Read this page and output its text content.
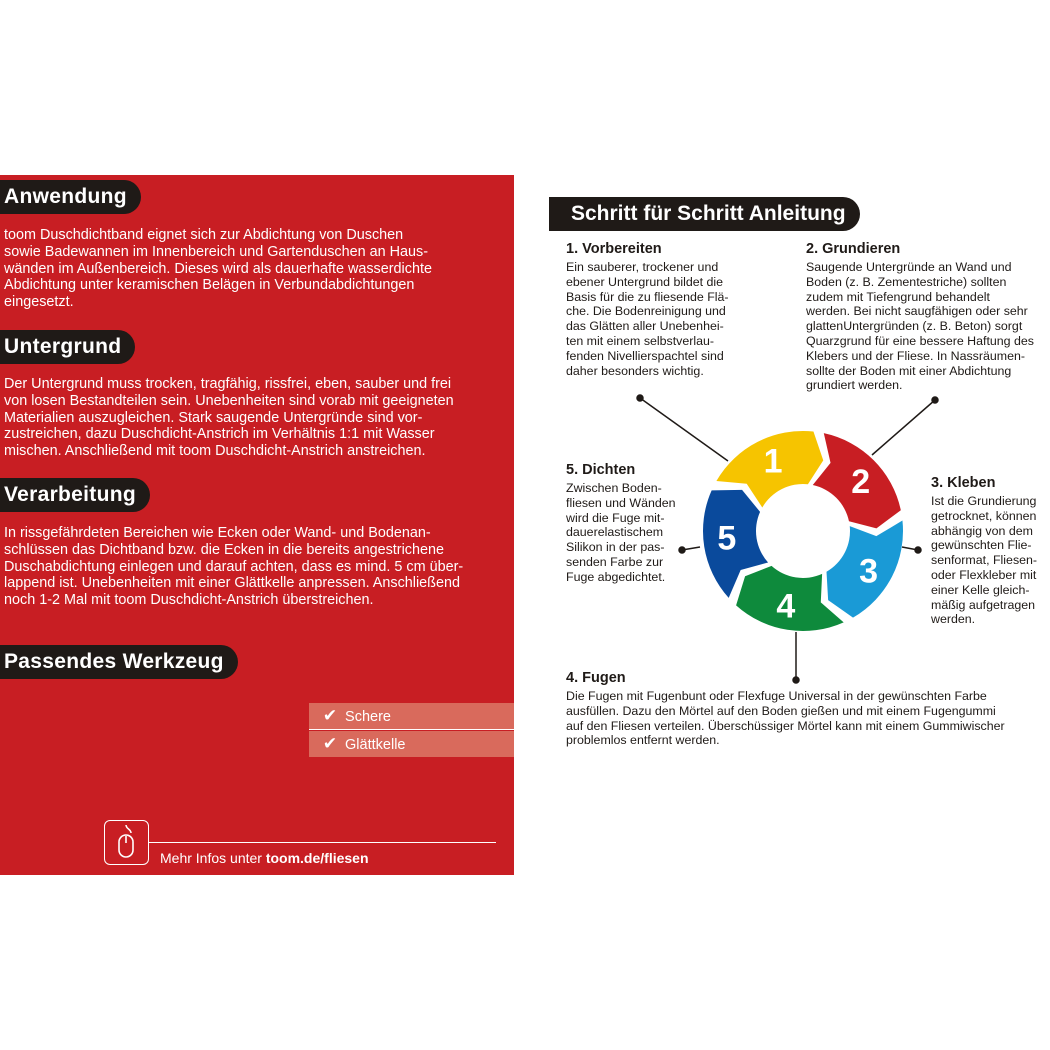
Anwendung
toom Duschdichtband eignet sich zur Abdichtung von Duschen
sowie Badewannen im Innenbereich und Gartenduschen an Haus-
wänden im Außenbereich. Dieses wird als dauerhafte wasserdichte
Abdichtung unter keramischen Belägen in Verbundabdichtungen
eingesetzt.
Untergrund
Der Untergrund muss trocken, tragfähig, rissfrei, eben, sauber und frei
von losen Bestandteilen sein. Unebenheiten sind vorab mit geeigneten
Materialien auszugleichen. Stark saugende Untergründe sind vor-
zustreichen, dazu Duschdicht-Anstrich im Verhältnis 1:1 mit Wasser
mischen. Anschließend mit toom Duschdicht-Anstrich anstreichen.
Verarbeitung
In rissgefährdeten Bereichen wie Ecken oder Wand- und Bodenan-
schlüssen das Dichtband bzw. die Ecken in die bereits angestrichene
Duschabdichtung einlegen und darauf achten, dass es mind. 5 cm über-
lappend ist. Unebenheiten mit einer Glättkelle anpressen. Anschließend
noch 1-2 Mal mit toom Duschdicht-Anstrich überstreichen.
Passendes Werkzeug
✔ Schere
✔ Glättkelle
Mehr Infos unter toom.de/fliesen
Schritt für Schritt Anleitung
1. Vorbereiten

Ein sauberer, trockener und
ebener Untergrund bildet die
Basis für die zu fliesende Flä-
che. Die Bodenreinigung und
das Glätten aller Unebenhei-
ten mit einem selbstverlau-
fenden Nivellierspachtel sind
daher besonders wichtig.

2. Grundieren

Saugende Untergründe an Wand und
Boden (z. B. Zementestriche) sollten
zudem mit Tiefengrund behandelt
werden. Bei nicht saugfähigen oder sehr
glattenUntergründen (z. B. Beton) sorgt
Quarzgrund für eine bessere Haftung des
Klebers und der Fliese. In Nassräumen-
sollte der Boden mit einer Abdichtung
grundiert werden.

3. Kleben

Ist die Grundierung
getrocknet, können
abhängig von dem
gewünschten Flie-
senformat, Fliesen-
oder Flexkleber mit
einer Kelle gleich-
mäßig aufgetragen
werden.

5. Dichten

Zwischen Boden-
fliesen und Wänden
wird die Fuge mit-
dauerelastischem
Silikon in der pas-
senden Farbe zur
Fuge abgedichtet.

4. Fugen

Die Fugen mit Fugenbunt oder Flexfuge Universal in der gewünschten Farbe
ausfüllen. Dazu den Mörtel auf den Boden gießen und mit einem Fugengummi
auf den Fliesen verteilen. Überschüssiger Mörtel kann mit einem Gummiwischer
problemlos entfernt werden.

1
2
3
4
5
